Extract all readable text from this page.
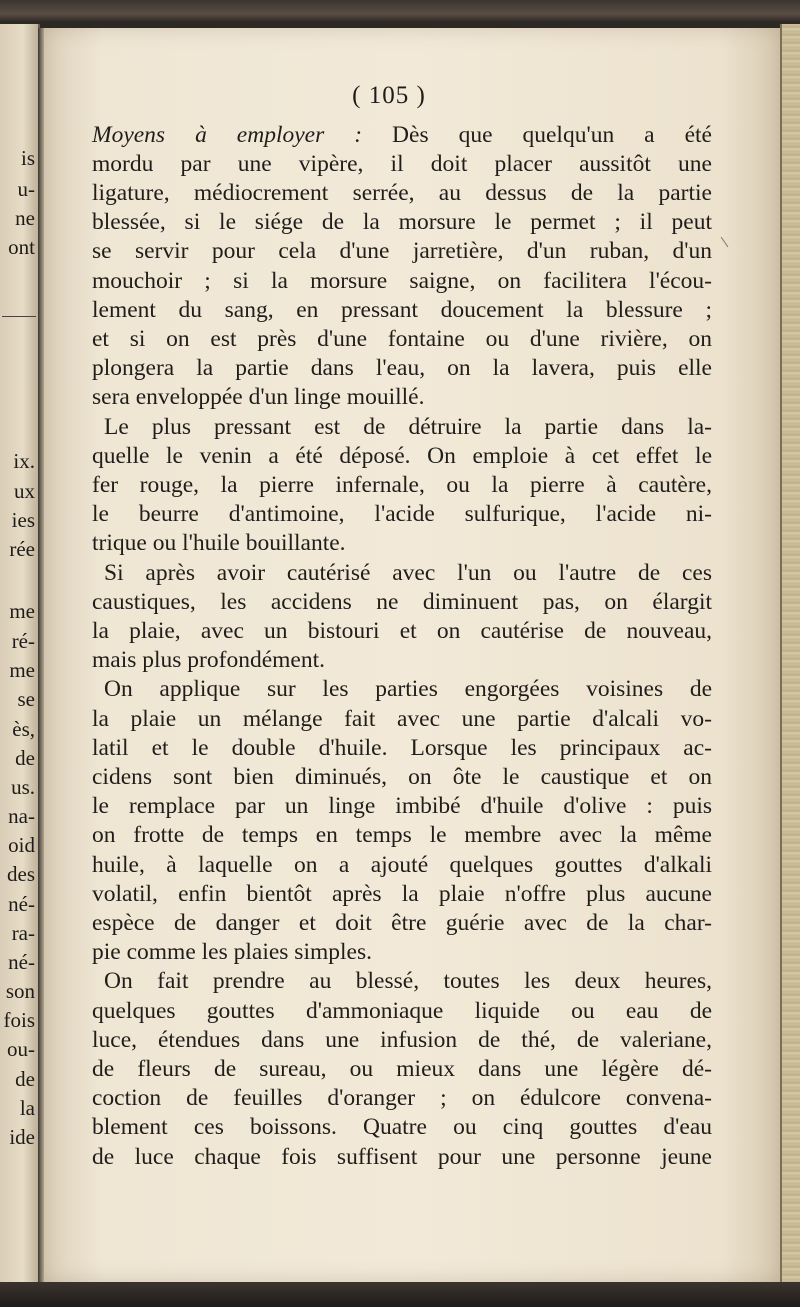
is

u-

ne

ont

ix.

ux

ies

rée

me

ré-

me

se

ès,

de

us.

na-

oid

des

né-

ra-

né-

son

fois

ou-

de

la

ide

( 105 )

Moyens à employer : Dès que quelqu'un a été

mordu par une vipère, il doit placer aussitôt une

ligature, médiocrement serrée, au dessus de la partie

blessée, si le siége de la morsure le permet ; il peut

se servir pour cela d'une jarretière, d'un ruban, d'un

mouchoir ; si la morsure saigne, on facilitera l'écou-

lement du sang, en pressant doucement la blessure ;

et si on est près d'une fontaine ou d'une rivière, on

plongera la partie dans l'eau, on la lavera, puis elle

sera enveloppée d'un linge mouillé.

Le plus pressant est de détruire la partie dans la-

quelle le venin a été déposé. On emploie à cet effet le

fer rouge, la pierre infernale, ou la pierre à cautère,

le beurre d'antimoine, l'acide sulfurique, l'acide ni-

trique ou l'huile bouillante.

Si après avoir cautérisé avec l'un ou l'autre de ces

caustiques, les accidens ne diminuent pas, on élargit

la plaie, avec un bistouri et on cautérise de nouveau,

mais plus profondément.

On applique sur les parties engorgées voisines de

la plaie un mélange fait avec une partie d'alcali vo-

latil et le double d'huile. Lorsque les principaux ac-

cidens sont bien diminués, on ôte le caustique et on

le remplace par un linge imbibé d'huile d'olive : puis

on frotte de temps en temps le membre avec la même

huile, à laquelle on a ajouté quelques gouttes d'alkali

volatil, enfin bientôt après la plaie n'offre plus aucune

espèce de danger et doit être guérie avec de la char-

pie comme les plaies simples.

On fait prendre au blessé, toutes les deux heures,

quelques gouttes d'ammoniaque liquide ou eau de

luce, étendues dans une infusion de thé, de valeriane,

de fleurs de sureau, ou mieux dans une légère dé-

coction de feuilles d'oranger ; on édulcore convena-

blement ces boissons. Quatre ou cinq gouttes d'eau

de luce chaque fois suffisent pour une personne jeune
